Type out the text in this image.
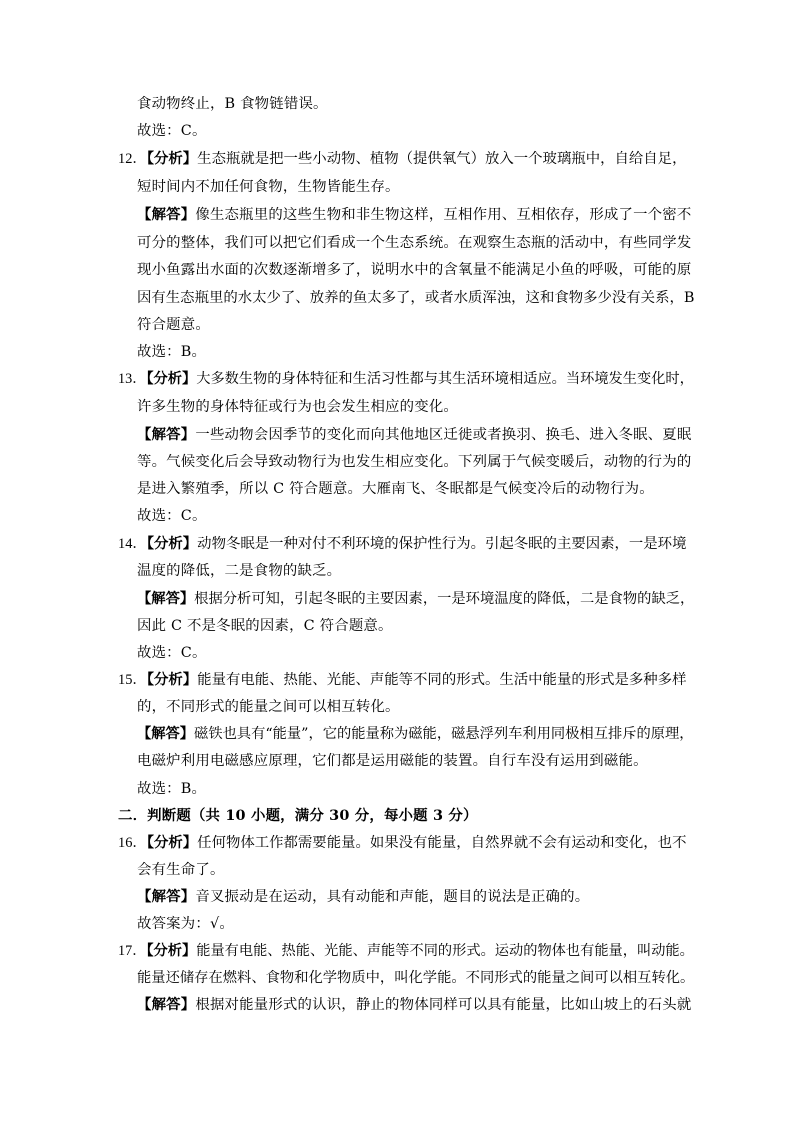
食动物终止，B 食物链错误。
故选：C。
12．【分析】生态瓶就是把一些小动物、植物（提供氧气）放入一个玻璃瓶中，自给自足，
短时间内不加任何食物，生物皆能生存。
【解答】像生态瓶里的这些生物和非生物这样，互相作用、互相依存，形成了一个密不
可分的整体，我们可以把它们看成一个生态系统。在观察生态瓶的活动中，有些同学发
现小鱼露出水面的次数逐渐增多了，说明水中的含氧量不能满足小鱼的呼吸，可能的原
因有生态瓶里的水太少了、放养的鱼太多了，或者水质浑浊，这和食物多少没有关系，B
符合题意。
故选：B。
13．【分析】大多数生物的身体特征和生活习性都与其生活环境相适应。当环境发生变化时，
许多生物的身体特征或行为也会发生相应的变化。
【解答】一些动物会因季节的变化而向其他地区迁徙或者换羽、换毛、进入冬眠、夏眠
等。气候变化后会导致动物行为也发生相应变化。下列属于气候变暖后，动物的行为的
是进入繁殖季，所以 C 符合题意。大雁南飞、冬眠都是气候变冷后的动物行为。
故选：C。
14．【分析】动物冬眠是一种对付不利环境的保护性行为。引起冬眠的主要因素，一是环境
温度的降低，二是食物的缺乏。
【解答】根据分析可知，引起冬眠的主要因素，一是环境温度的降低，二是食物的缺乏，
因此 C 不是冬眠的因素，C 符合题意。
故选：C。
15．【分析】能量有电能、热能、光能、声能等不同的形式。生活中能量的形式是多种多样
的，不同形式的能量之间可以相互转化。
【解答】磁铁也具有“能量”，它的能量称为磁能，磁悬浮列车利用同极相互排斥的原理，
电磁炉利用电磁感应原理，它们都是运用磁能的装置。自行车没有运用到磁能。
故选：B。
二．判断题（共 10 小题，满分 30 分，每小题 3 分）
16．【分析】任何物体工作都需要能量。如果没有能量，自然界就不会有运动和变化，也不
会有生命了。
【解答】音叉振动是在运动，具有动能和声能，题目的说法是正确的。
故答案为：√。
17．【分析】能量有电能、热能、光能、声能等不同的形式。运动的物体也有能量，叫动能。
能量还储存在燃料、食物和化学物质中，叫化学能。不同形式的能量之间可以相互转化。
【解答】根据对能量形式的认识，静止的物体同样可以具有能量，比如山坡上的石头就
